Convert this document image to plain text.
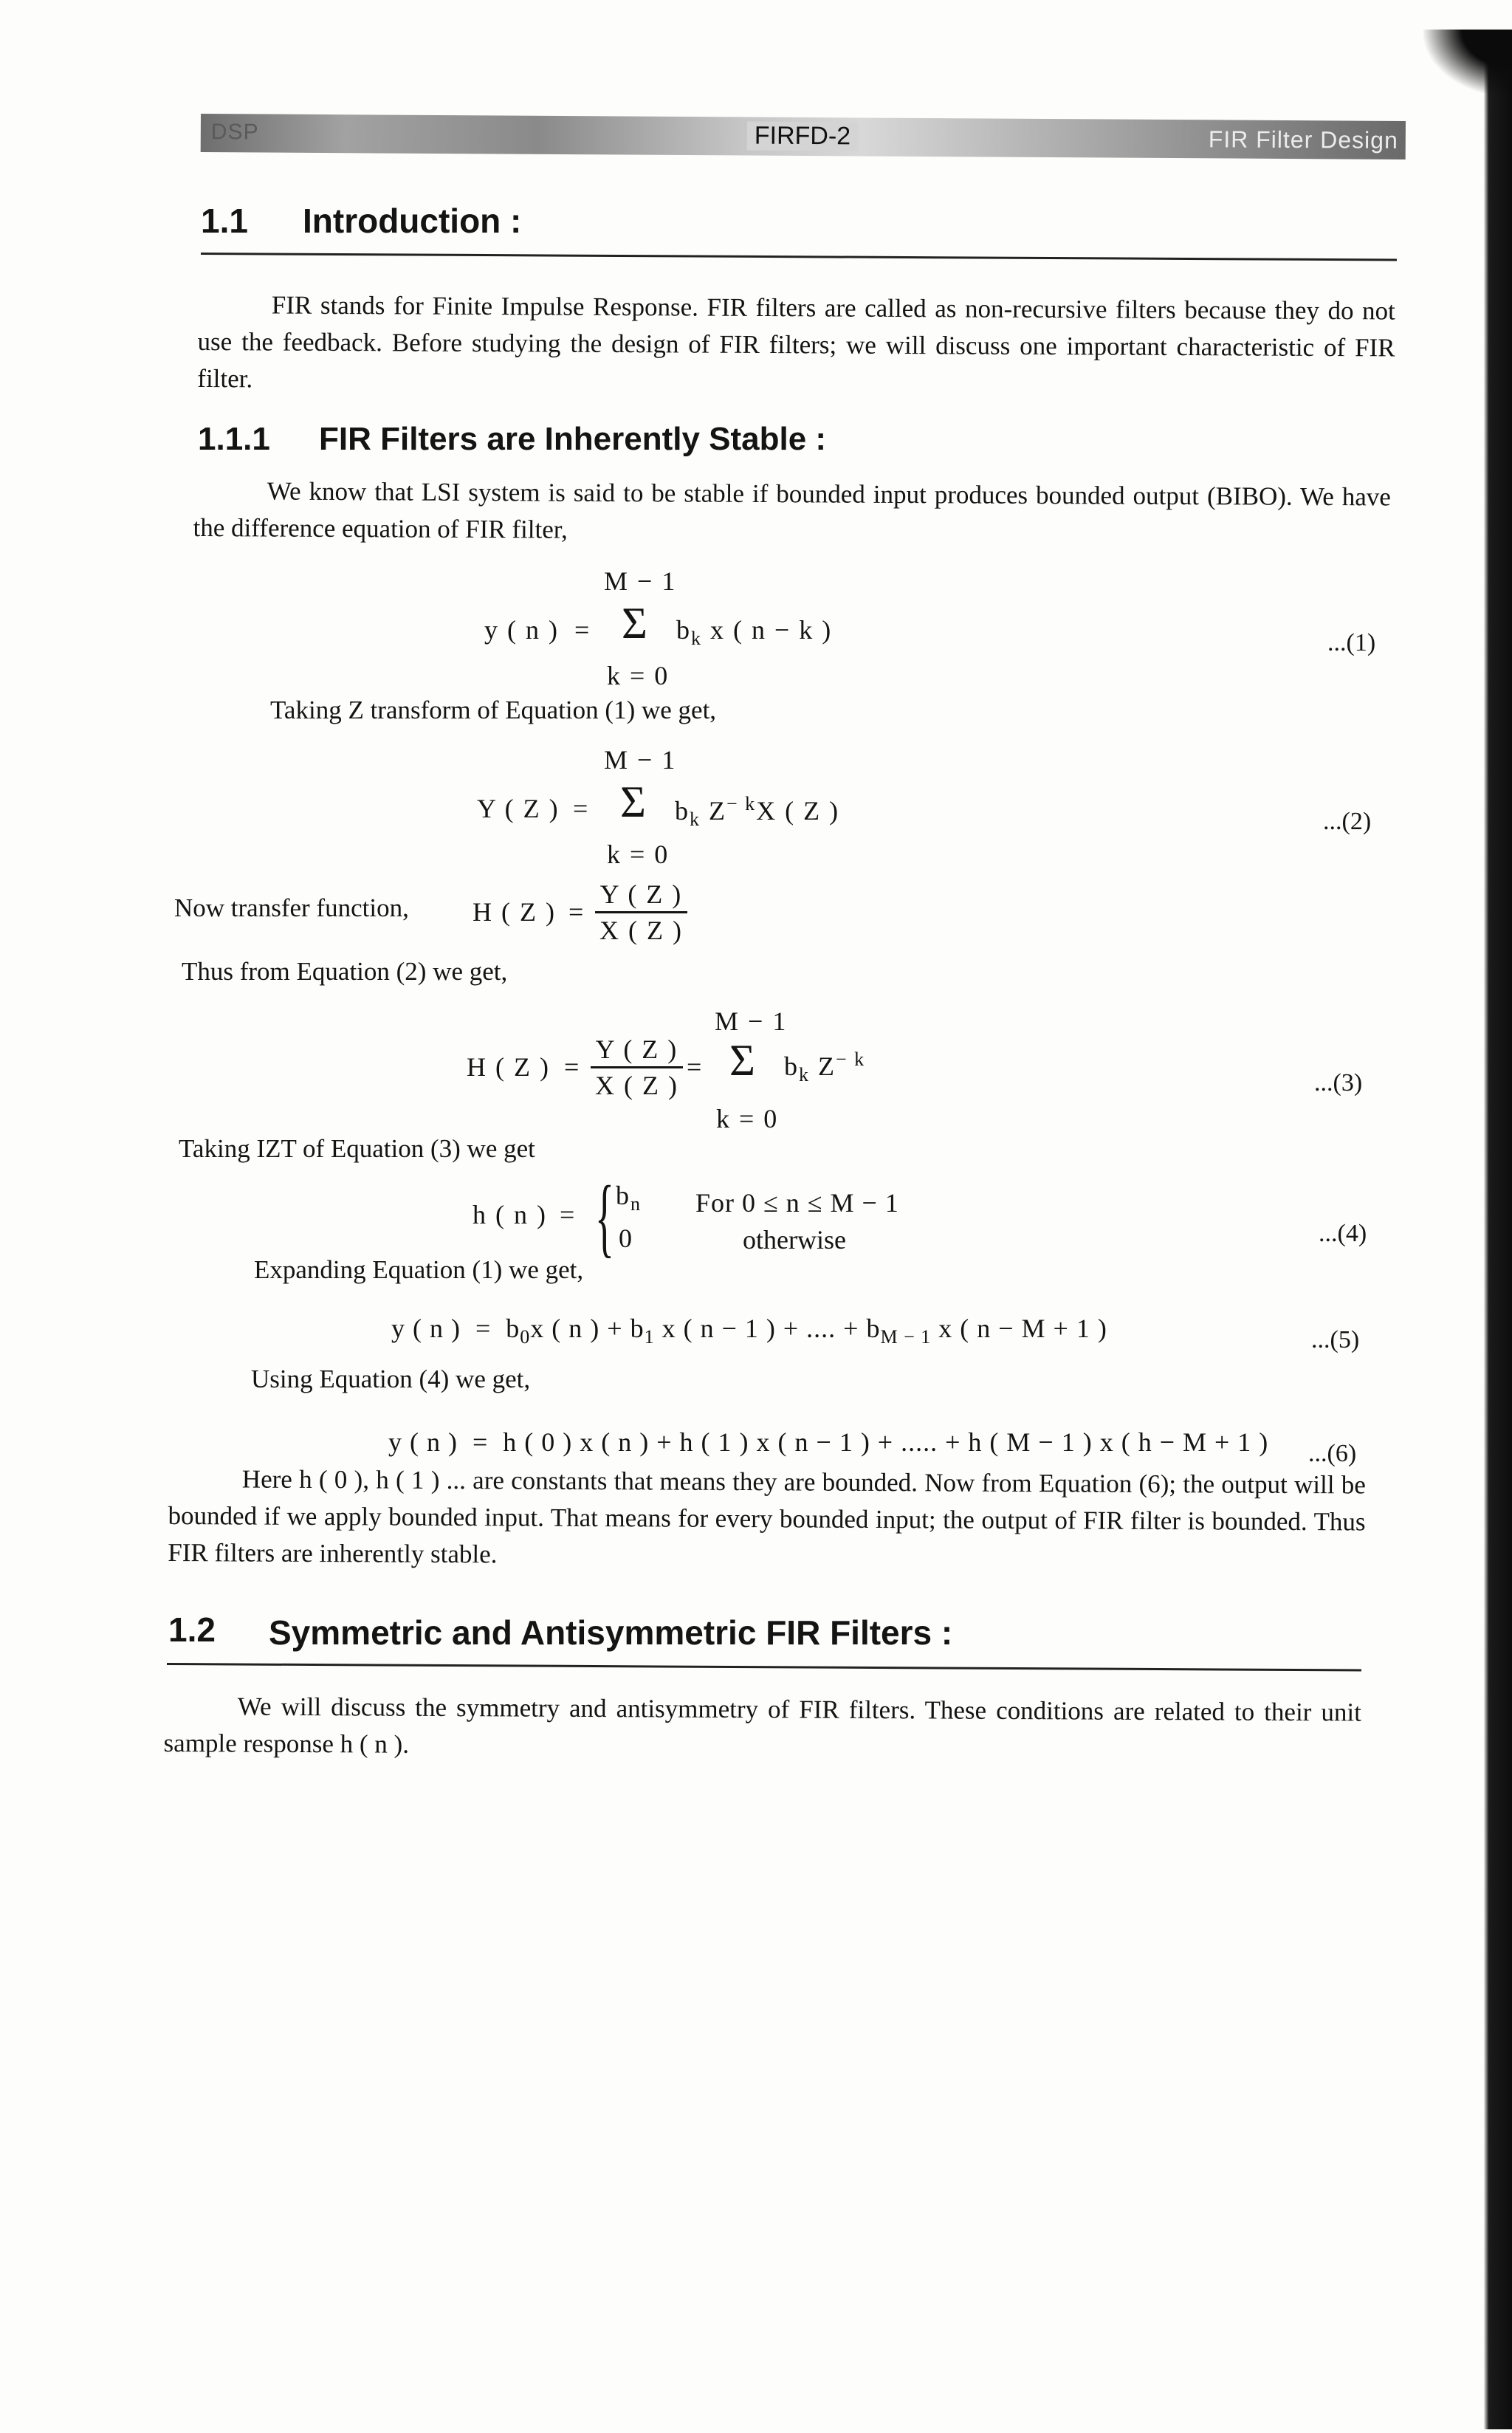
DSP	FIRFD-2	FIR Filter Design
1.1 Introduction :
FIR stands for Finite Impulse Response. FIR filters are called as non-recursive filters because they do not use the feedback. Before studying the design of FIR filters; we will discuss one important characteristic of FIR filter.
1.1.1 FIR Filters are Inherently Stable :
We know that LSI system is said to be stable if bounded input produces bounded output (BIBO). We have the difference equation of FIR filter,
M − 1
y ( n ) = Σ $b_k$ x ( n − k )
k = 0
...(1)
Taking Z transform of Equation (1) we get,
M − 1
Y ( Z ) = Σ $b_k$ $Z^{- k}X$ ( Z )
k = 0
...(2)
Now transfer function, H ( Z ) = $\frac{Y ( Z )}{X ( Z )}$
Thus from Equation (2) we get,
M − 1
H ( Z ) = $\frac{Y ( Z )}{X ( Z )} = \Sigma$ $b_k$ $Z^{- k}$
k = 0
...(3)
Taking IZT of Equation (3) we get
h ( n ) = { $b_n$ For 0 ≤ n ≤ M − 1
0	otherwise	...(4)
Expanding Equation (1) we get,
y ( n ) = $b_0x$ ( n ) + $b_1$ x ( n − 1 ) + .... + $b_{M - 1}$ x ( n − M + 1 )	...(5)
Using Equation (4) we get,
y ( n ) = h ( 0 ) x ( n ) + h ( 1 ) x ( n − 1 ) + ..... + h ( M − 1 ) x ( h − M + 1 ) ...(6)
Here h ( 0 ), h ( 1 ) ... are constants that means they are bounded. Now from Equation (6); the output will be bounded if we apply bounded input. That means for every bounded input; the output of FIR filter is bounded. Thus FIR filters are inherently stable.
1.2 Symmetric and Antisymmetric FIR Filters :
We will discuss the symmetry and antisymmetry of FIR filters. These conditions are related to their unit sample response h ( n ).
